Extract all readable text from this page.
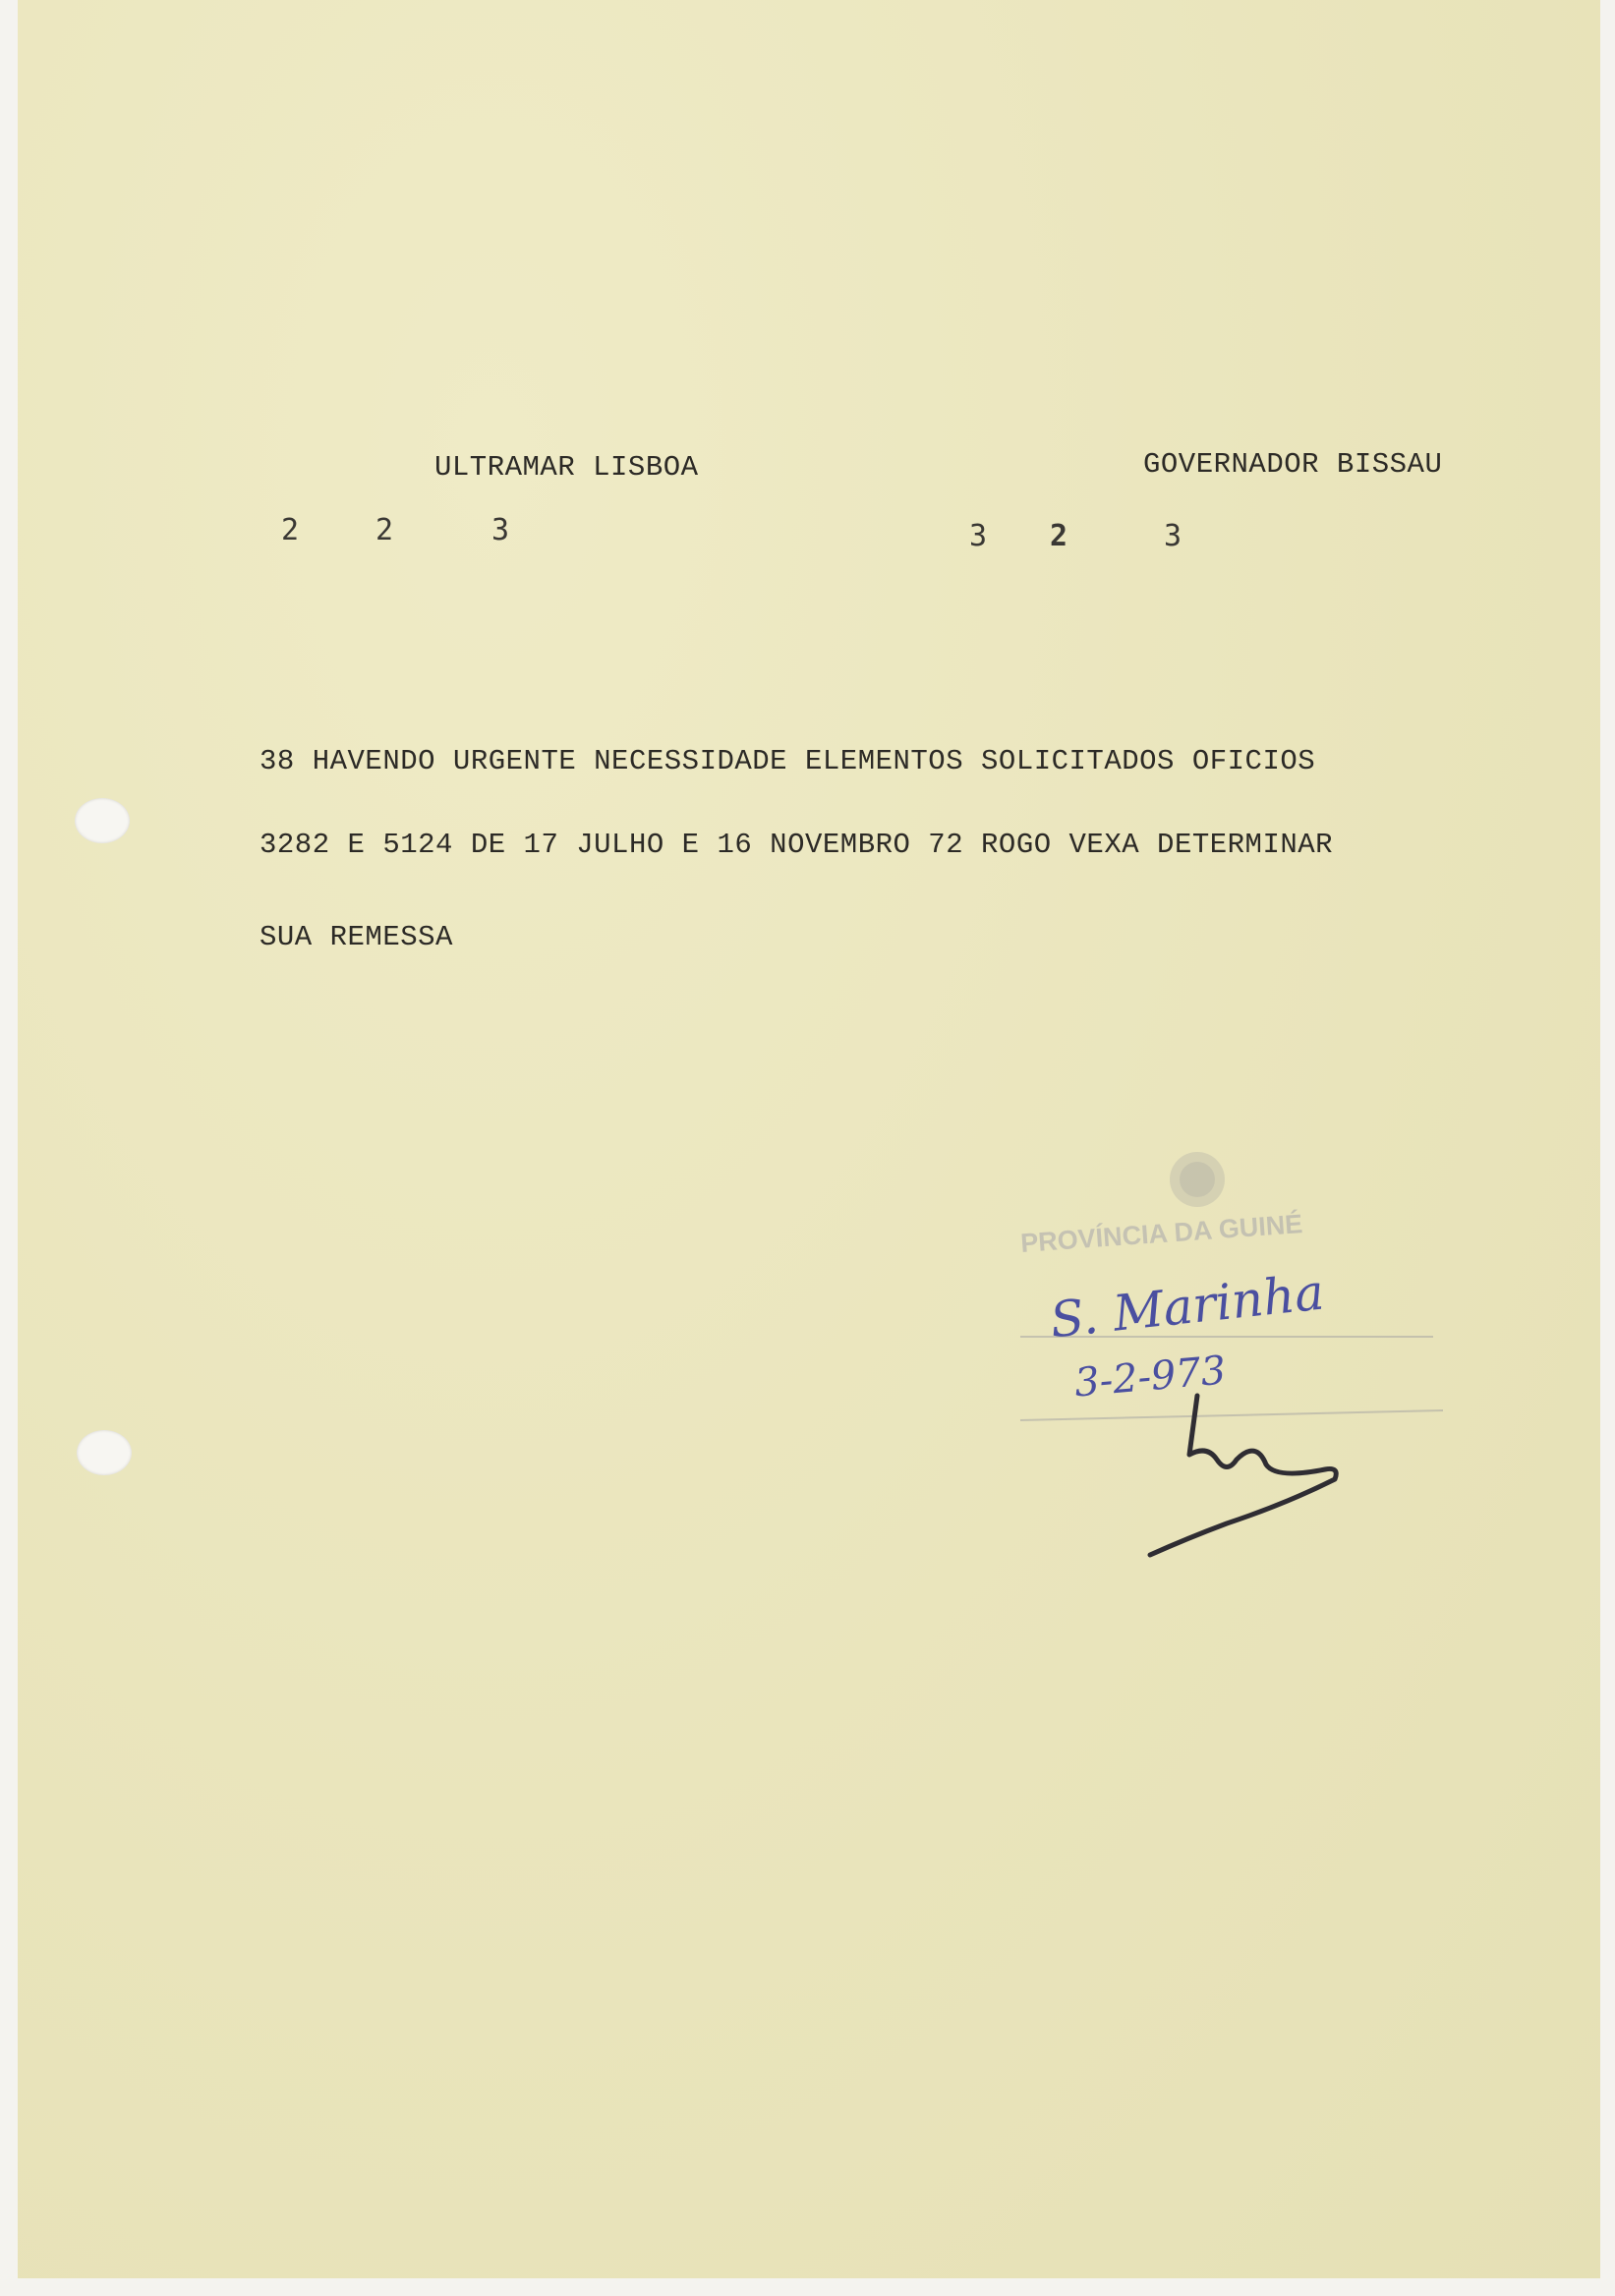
ULTRAMAR LISBOA	GOVERNADOR BISSAU
2	2	3	3 2	3
38 HAVENDO URGENTE NECESSIDADE ELEMENTOS SOLICITADOS OFICIOS
3282 E 5124 DE 17 JULHO E 16 NOVEMBRO 72 ROGO VEXA DETERMINAR
SUA REMESSA
PROVÍNCIA DA GUINÉ
S. Marinha
3-2-973
